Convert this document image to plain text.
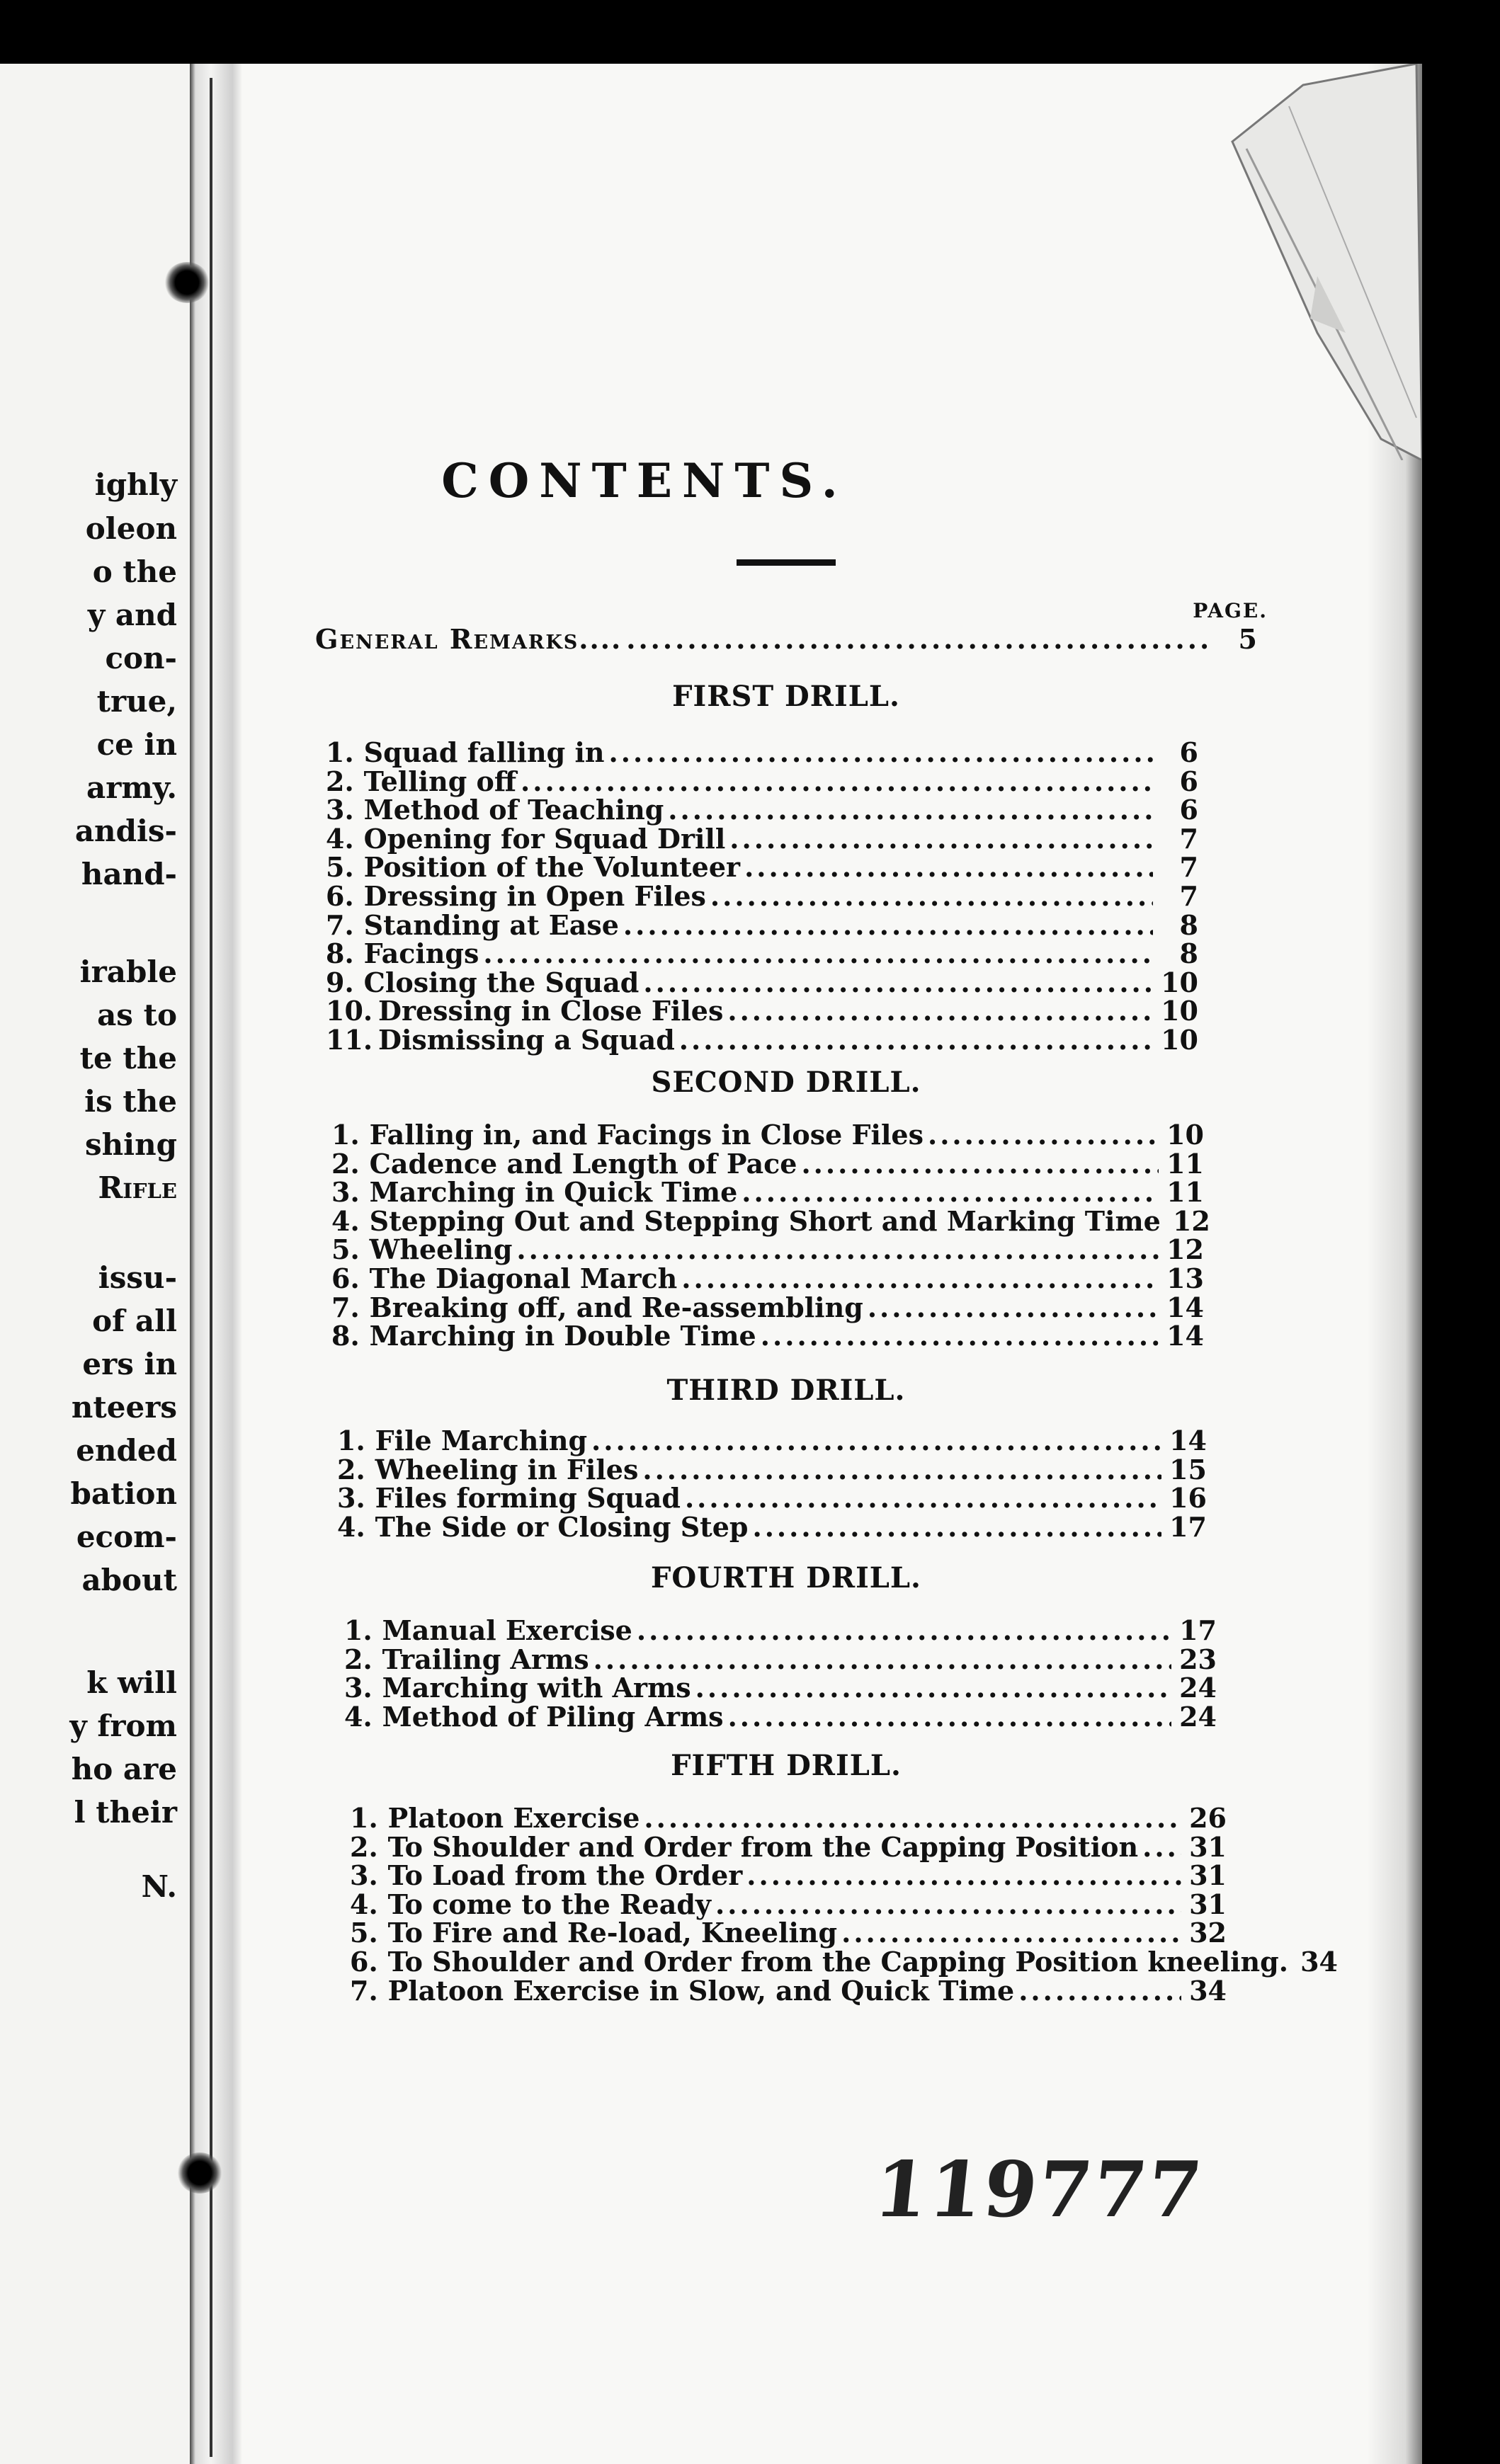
ighly
oleon
o the
y and
con-
true,
ce in
army.
andis-
hand-
irable
as to
te the
is the
shing
Rifle
issu-
of all
ers in
nteers
ended
bation
ecom-
about
k will
y from
ho are
l their
N.
CONTENTS.
PAGE.
General Remarks.... .....	5
FIRST DRILL.
1. Squad falling in .....	6
2. Telling off .....	6
3. Method of Teaching .....	6
4. Opening for Squad Drill .....	7
5. Position of the Volunteer .....	7
6. Dressing in Open Files .....	7
7. Standing at Ease .....	8
8. Facings .....	8
9. Closing the Squad .....	10
10. Dressing in Close Files .....	10
11. Dismissing a Squad .....	10
SECOND DRILL.
1. Falling in, and Facings in Close Files .....	10
2. Cadence and Length of Pace .....	11
3. Marching in Quick Time .....	11
4. Stepping Out and Stepping Short and Marking Time 12
5. Wheeling .....	12
6. The Diagonal March .....	13
7. Breaking off, and Re-assembling .....	14
8. Marching in Double Time .....	14
THIRD DRILL.
1. File Marching .....	14
2. Wheeling in Files .....	15
3. Files forming Squad .....	16
4. The Side or Closing Step .....	17
FOURTH DRILL.
1. Manual Exercise .....	17
2. Trailing Arms .....	23
3. Marching with Arms .....	24
4. Method of Piling Arms .....	24
FIFTH DRILL.
1. Platoon Exercise .....	26
2. To Shoulder and Order from the Capping Position ..... 31
3. To Load from the Order .....	31
4. To come to the Ready .....	31
5. To Fire and Re-load, Kneeling .....	32
6. To Shoulder and Order from the Capping Position kneeling. 34
7. Platoon Exercise in Slow, and Quick Time .....	34
119777
